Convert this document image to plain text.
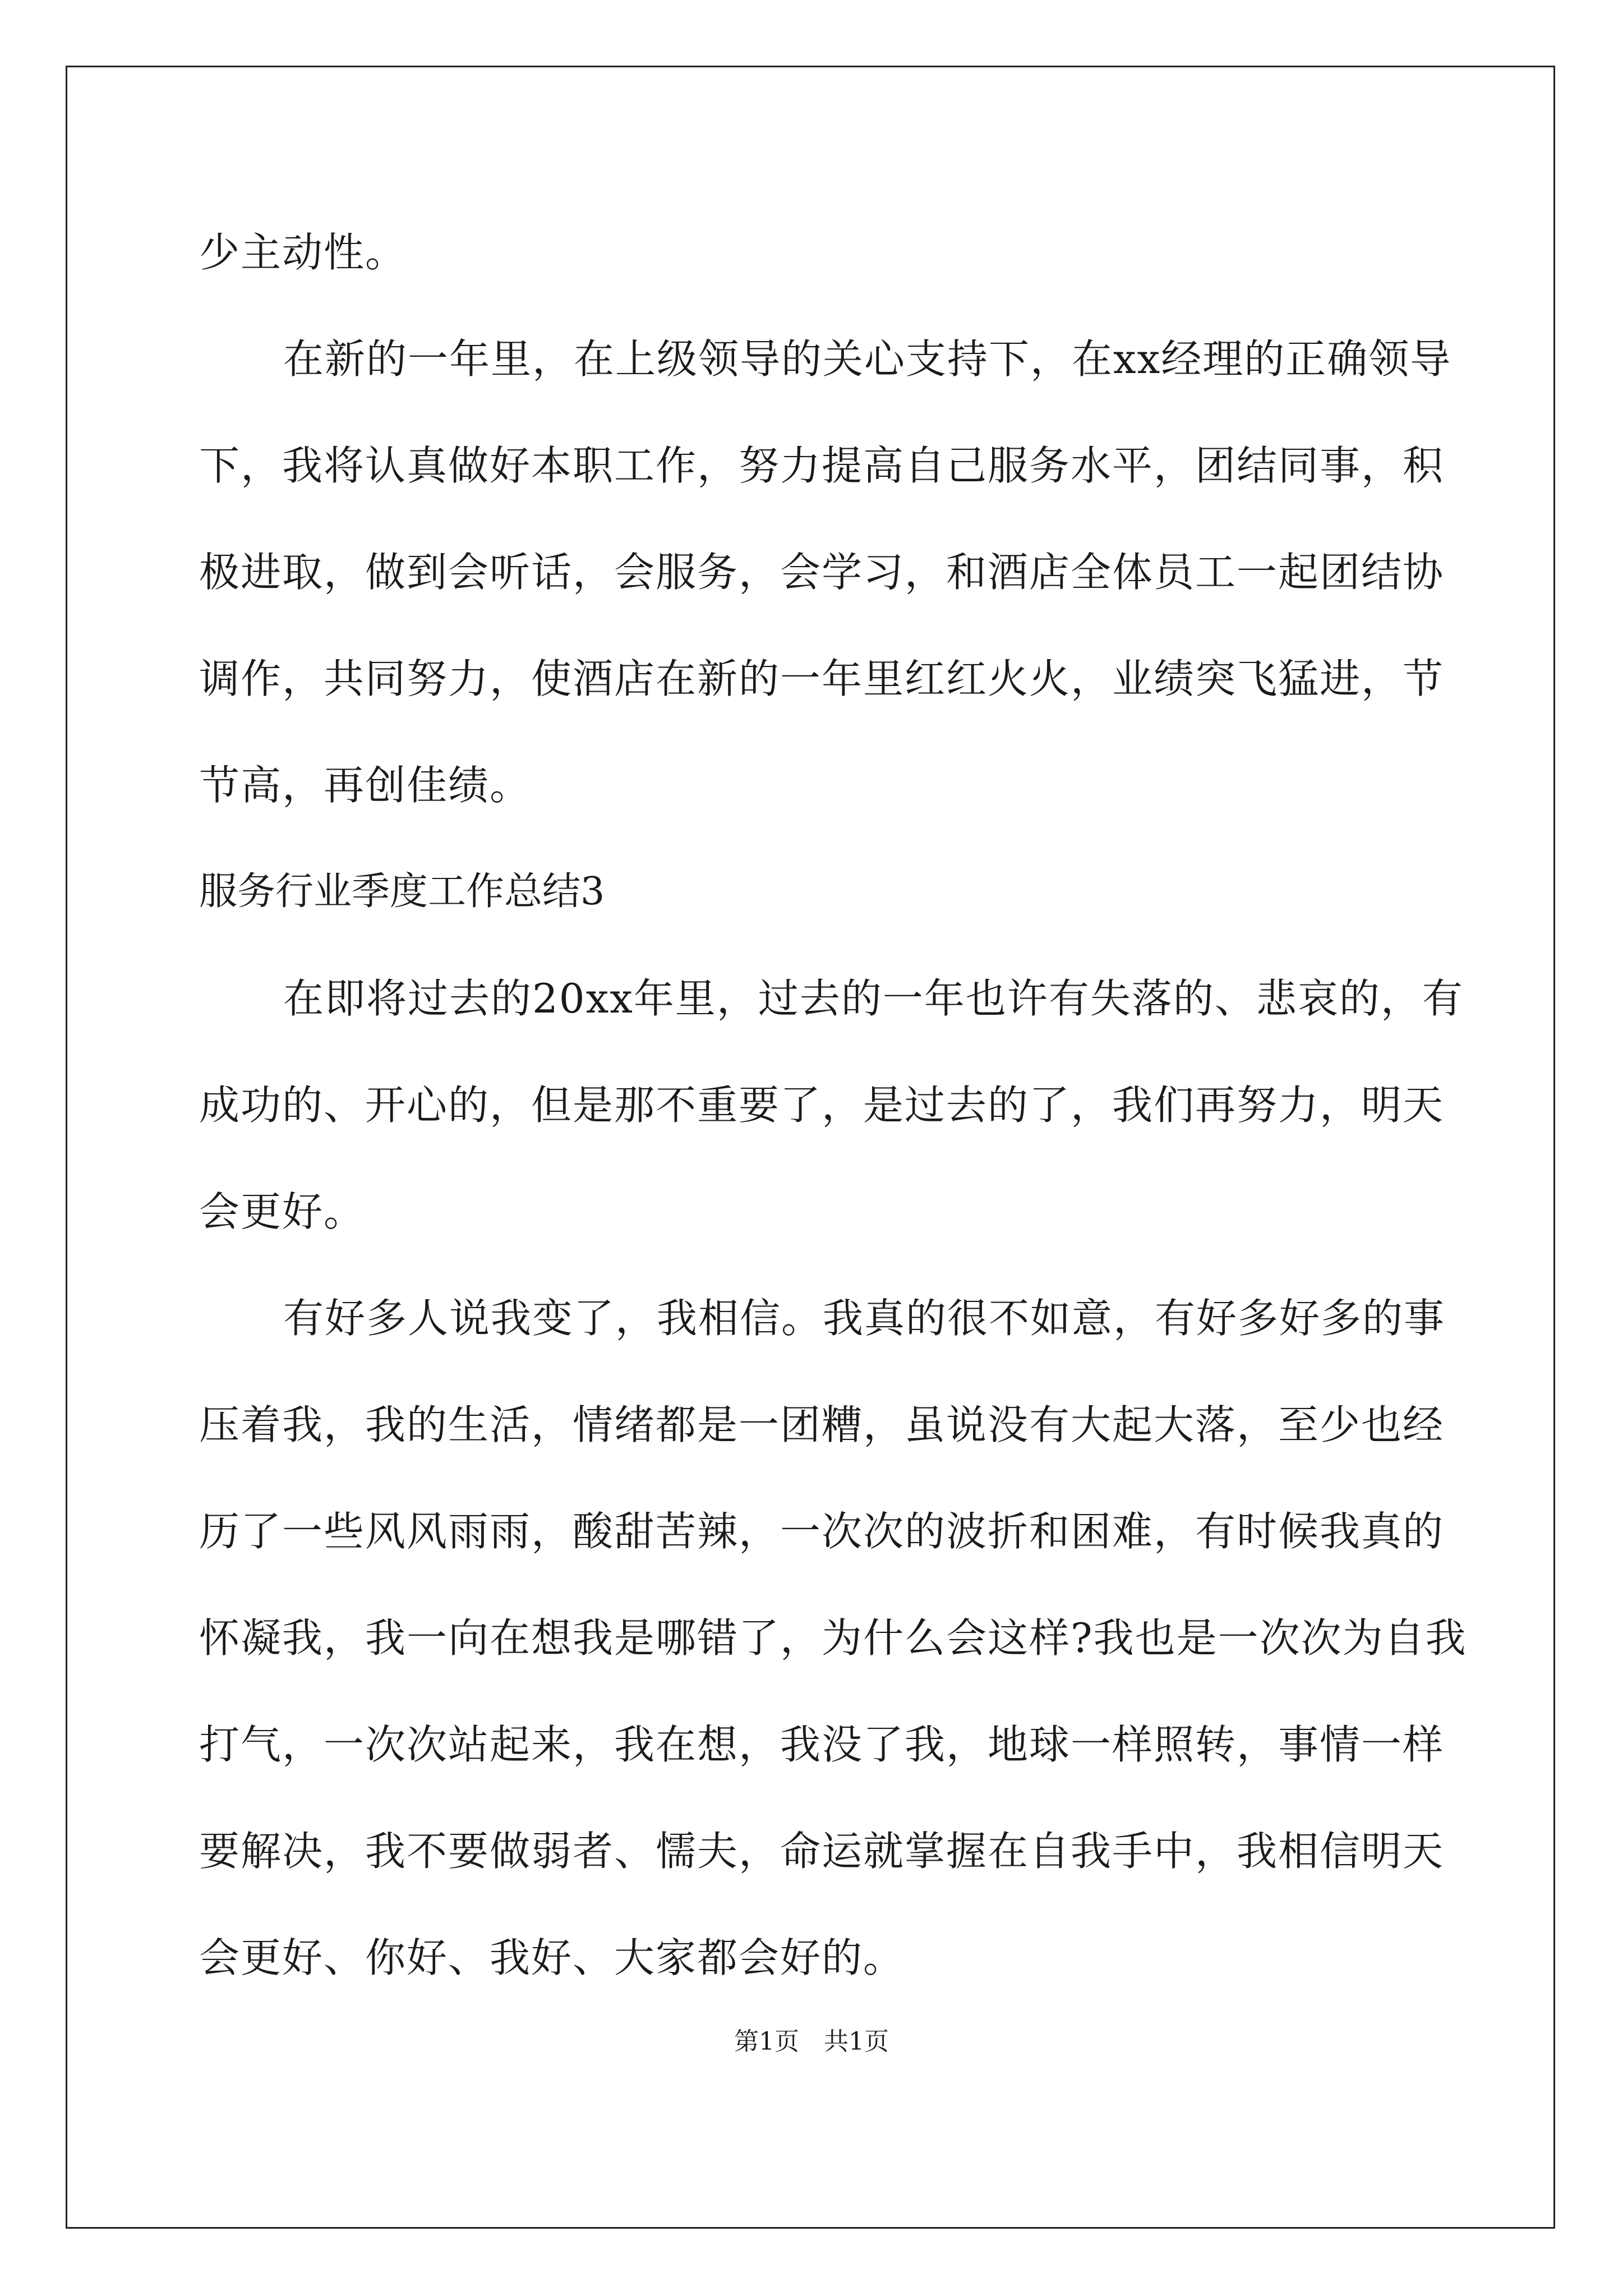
少主动性。
在新的一年里，在上级领导的关心支持下，在xx经理的正确领导
下，我将认真做好本职工作，努力提高自己服务水平，团结同事，积
极进取，做到会听话，会服务，会学习，和酒店全体员工一起团结协
调作，共同努力，使酒店在新的一年里红红火火，业绩突飞猛进，节
节高，再创佳绩。
服务行业季度工作总结3
在即将过去的20xx年里，过去的一年也许有失落的、悲哀的，有
成功的、开心的，但是那不重要了，是过去的了，我们再努力，明天
会更好。
有好多人说我变了，我相信。我真的很不如意，有好多好多的事
压着我，我的生活，情绪都是一团糟，虽说没有大起大落，至少也经
历了一些风风雨雨，酸甜苦辣，一次次的波折和困难，有时候我真的
怀凝我，我一向在想我是哪错了，为什么会这样?我也是一次次为自我
打气，一次次站起来，我在想，我没了我，地球一样照转，事情一样
要解决，我不要做弱者、懦夫，命运就掌握在自我手中，我相信明天
会更好、你好、我好、大家都会好的。
第1页　共1页
